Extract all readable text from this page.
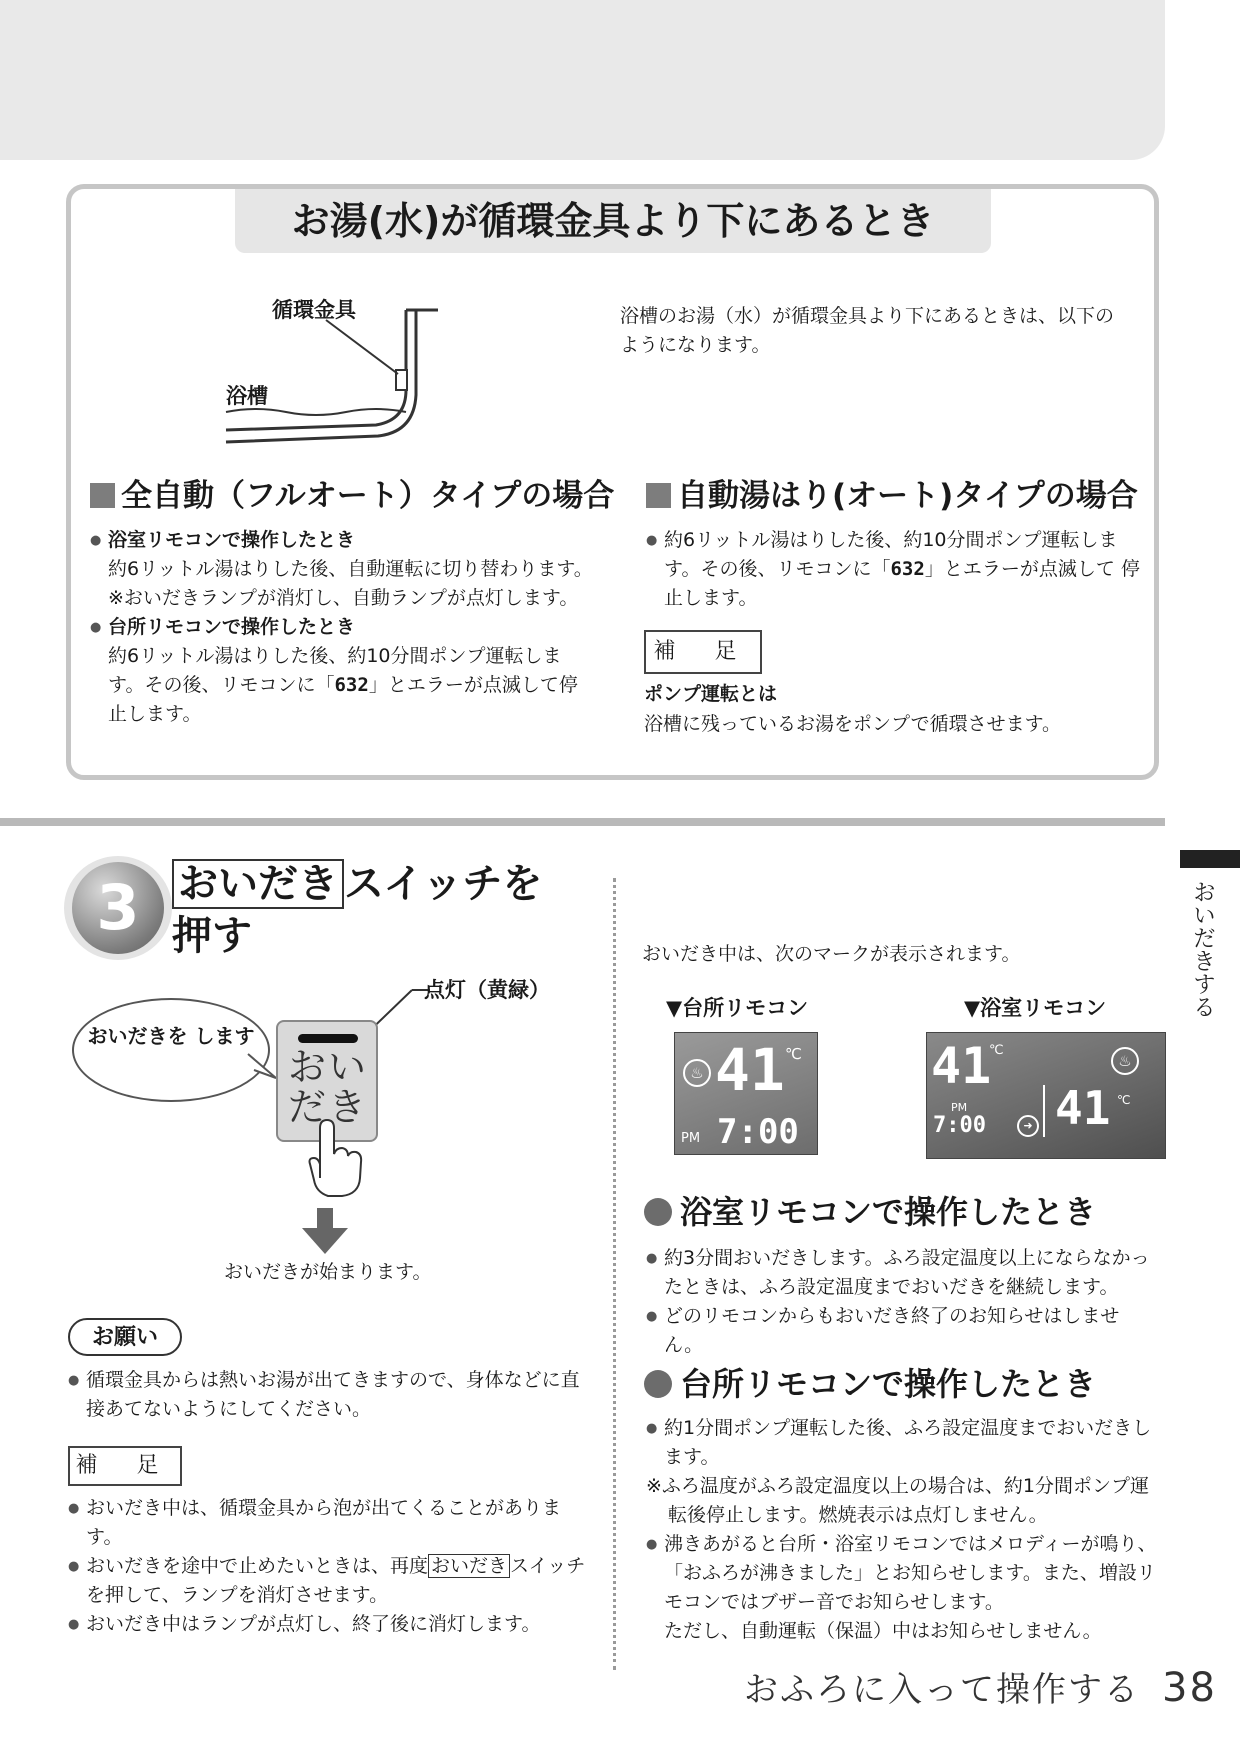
お湯(水)が循環金具より下にあるとき
循環金具
浴槽
浴槽のお湯（水）が循環金具より下にあるときは、以下のようになります。
全自動（フルオート）タイプの場合
● 浴室リモコンで操作したとき
約6リットル湯はりした後、自動運転に切り替わります。
※おいだきランプが消灯し、自動ランプが点灯します。
● 台所リモコンで操作したとき
約6リットル湯はりした後、約10分間ポンプ運転しま す。その後、リモコンに「632」とエラーが点滅して停 止します。
自動湯はり(オート)タイプの場合
● 約6リットル湯はりした後、約10分間ポンプ運転しま す。その後、リモコンに「632」とエラーが点滅して 停止します。
補 足
ポンプ運転とは
浴槽に残っているお湯をポンプで循環させます。
おいだきする
3 おいだき スイッチを
押す
点灯（黄緑）
おいだきを します
おい だき
おいだきが始まります。
お願い
● 循環金具からは熱いお湯が出てきますので、身体などに直接あてないようにしてください。
補 足
● おいだき中は、循環金具から泡が出てくることがあります。
● おいだきを途中で止めたいときは、再度 おいだき スイッチを押して、ランプを消灯させます。
● おいだき中はランプが点灯し、終了後に消灯します。
おいだき中は、次のマークが表示されます。
▼台所リモコン	▼浴室リモコン
♨ 41 ℃
PM 7:00
41
℃
PM
7:00	➜ 41 ℃
♨
浴室リモコンで操作したとき
● 約3分間おいだきします。ふろ設定温度以上にならなかったときは、ふろ設定温度までおいだきを継続します。
● どのリモコンからもおいだき終了のお知らせはしません。
台所リモコンで操作したとき
● 約1分間ポンプ運転した後、ふろ設定温度までおいだきします。
※ふろ温度がふろ設定温度以上の場合は、約1分間ポンプ運転後停止します。燃焼表示は点灯しません。
● 沸きあがると台所・浴室リモコンではメロディーが鳴り、「おふろが沸きました」とお知らせします。また、増設リモコンではブザー音でお知らせします。
ただし、自動運転（保温）中はお知らせしません。
おふろに入って操作する 38
